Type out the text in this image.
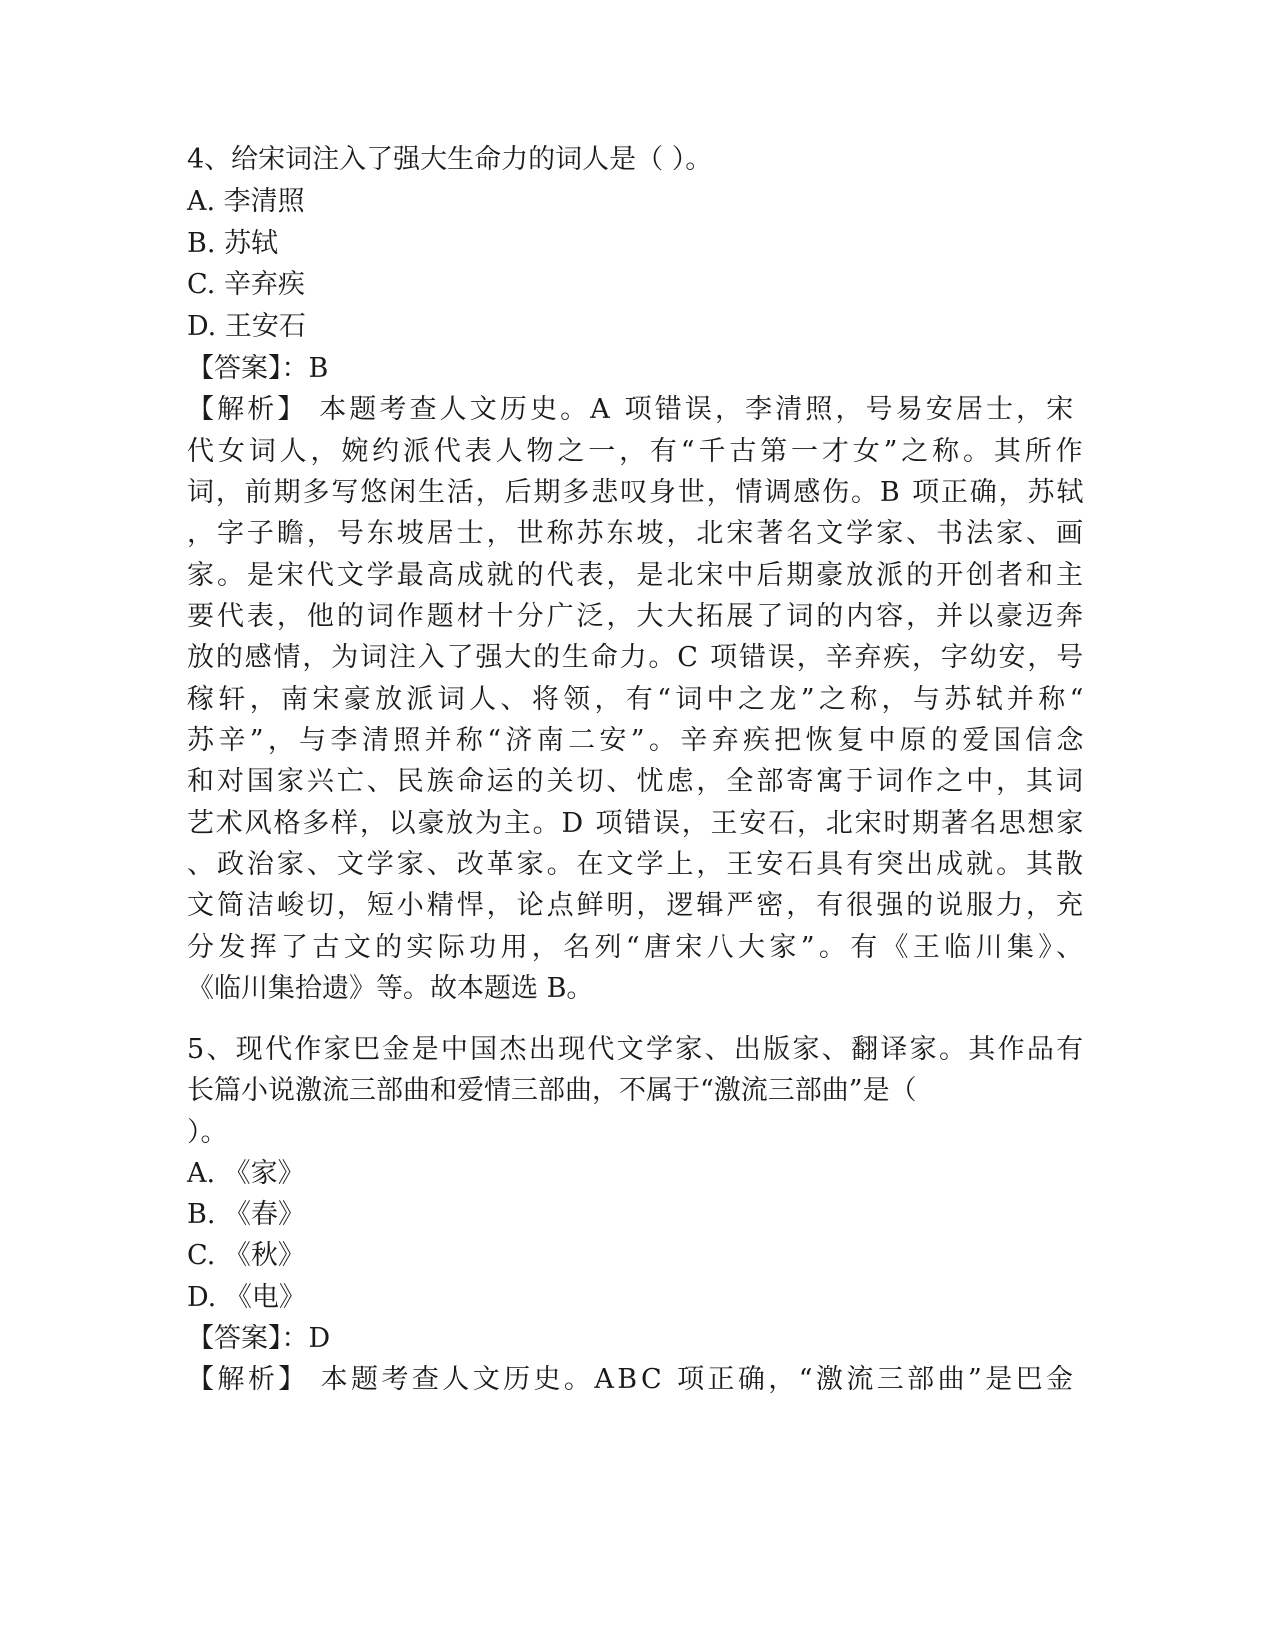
4、给宋词注入了强大生命力的词人是（ ）。
A. 李清照
B. 苏轼
C. 辛弃疾
D. 王安石
【答案】：B
【解析】 本题考查人文历史。A 项错误，李清照，号易安居士，宋
代女词人，婉约派代表人物之一，有“千古第一才女”之称。其所作
词，前期多写悠闲生活，后期多悲叹身世，情调感伤。B 项正确，苏轼
，字子瞻，号东坡居士，世称苏东坡，北宋著名文学家、书法家、画
家。是宋代文学最高成就的代表，是北宋中后期豪放派的开创者和主
要代表，他的词作题材十分广泛，大大拓展了词的内容，并以豪迈奔
放的感情，为词注入了强大的生命力。C 项错误，辛弃疾，字幼安，号
稼轩，南宋豪放派词人、将领，有“词中之龙”之称，与苏轼并称“
苏辛”，与李清照并称“济南二安”。辛弃疾把恢复中原的爱国信念
和对国家兴亡、民族命运的关切、忧虑，全部寄寓于词作之中，其词
艺术风格多样，以豪放为主。D 项错误，王安石，北宋时期著名思想家
、政治家、文学家、改革家。在文学上，王安石具有突出成就。其散
文简洁峻切，短小精悍，论点鲜明，逻辑严密，有很强的说服力，充
分发挥了古文的实际功用，名列“唐宋八大家”。有《王临川集》、
《临川集拾遗》等。故本题选 B。
5、现代作家巴金是中国杰出现代文学家、出版家、翻译家。其作品有
长篇小说激流三部曲和爱情三部曲，不属于“激流三部曲”是（
）。
A. 《家》
B. 《春》
C. 《秋》
D. 《电》
【答案】：D
【解析】 本题考查人文历史。ABC 项正确，“激流三部曲”是巴金
